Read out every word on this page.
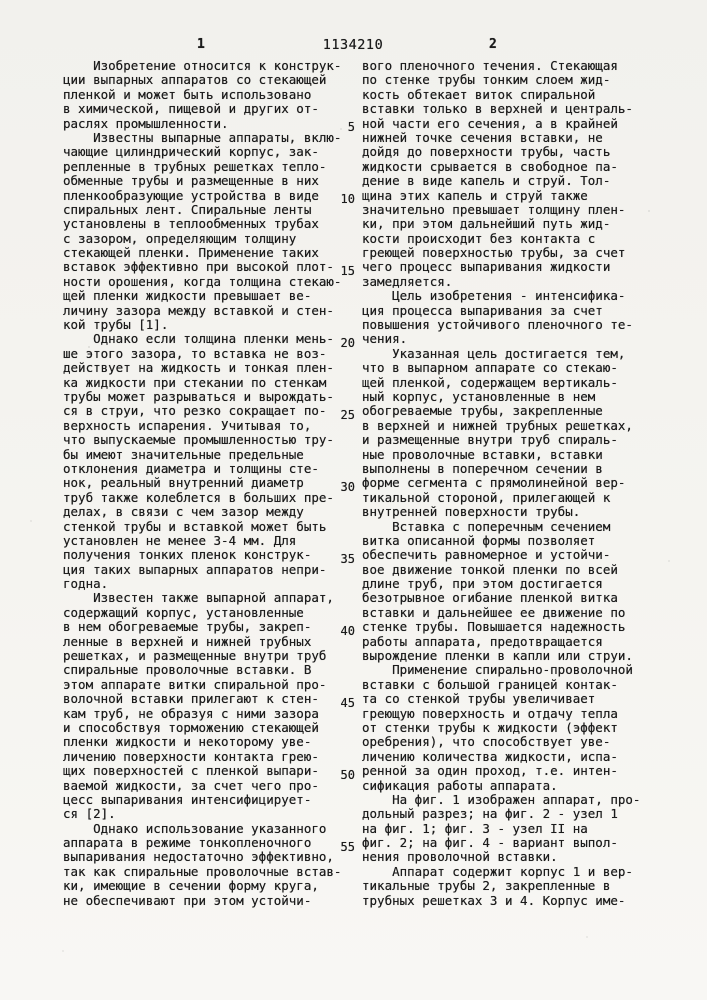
1	1134210	2
Изобретение относится к конструк-
ции выпарных аппаратов со стекающей
пленкой и может быть использовано
в химической, пищевой и других от-
раслях промышленности.
Известны выпарные аппараты, вклю-
чающие цилиндрический корпус, зак-
репленные в трубных решетках тепло-
обменные трубы и размещенные в них
пленкообразующие устройства в виде
спиральных лент. Спиральные ленты
установлены в теплообменных трубах
с зазором, определяющим толщину
стекающей пленки. Применение таких
вставок эффективно при высокой плот-
ности орошения, когда толщина стекаю-
щей пленки жидкости превышает ве-
личину зазора между вставкой и стен-
кой трубы [1].
Однако если толщина пленки мень-
ше этого зазора, то вставка не воз-
действует на жидкость и тонкая плен-
ка жидкости при стекании по стенкам
трубы может разрываться и вырождать-
ся в струи, что резко сокращает по-
верхность испарения. Учитывая то,
что выпускаемые промышленностью тру-
бы имеют значительные предельные
отклонения диаметра и толщины сте-
нок, реальный внутренний диаметр
труб также колеблется в больших пре-
делах, в связи с чем зазор между
стенкой трубы и вставкой может быть
установлен не менее 3-4 мм. Для
получения тонких пленок конструк-
ция таких выпарных аппаратов непри-
годна.
Известен также выпарной аппарат,
содержащий корпус, установленные
в нем обогреваемые трубы, закреп-
ленные в верхней и нижней трубных
решетках, и размещенные внутри труб
спиральные проволочные вставки. В
этом аппарате витки спиральной про-
волочной вставки прилегают к стен-
кам труб, не образуя с ними зазора
и способствуя торможению стекающей
пленки жидкости и некоторому уве-
личению поверхности контакта грею-
щих поверхностей с пленкой выпари-
ваемой жидкости, за счет чего про-
цесс выпаривания интенсифицирует-
ся [2].
Однако использование указанного
аппарата в режиме тонкопленочного
выпаривания недостаточно эффективно,
так как спиральные проволочные встав-
ки, имеющие в сечении форму круга,
не обеспечивают при этом устойчи-
вого пленочного течения. Стекающая
по стенке трубы тонким слоем жид-
кость обтекает виток спиральной
вставки только в верхней и централь-
ной части его сечения, а в крайней
нижней точке сечения вставки, не
дойдя до поверхности трубы, часть
жидкости срывается в свободное па-
дение в виде капель и струй. Тол-
щина этих капель и струй также
значительно превышает толщину плен-
ки, при этом дальнейший путь жид-
кости происходит без контакта с
греющей поверхностью трубы, за счет
чего процесс выпаривания жидкости
замедляется.
Цель изобретения - интенсифика-
ция процесса выпаривания за счет
повышения устойчивого пленочного те-
чения.
Указанная цель достигается тем,
что в выпарном аппарате со стекаю-
щей пленкой, содержащем вертикаль-
ный корпус, установленные в нем
обогреваемые трубы, закрепленные
в верхней и нижней трубных решетках,
и размещенные внутри труб спираль-
ные проволочные вставки, вставки
выполнены в поперечном сечении в
форме сегмента с прямолинейной вер-
тикальной стороной, прилегающей к
внутренней поверхности трубы.
Вставка с поперечным сечением
витка описанной формы позволяет
обеспечить равномерное и устойчи-
вое движение тонкой пленки по всей
длине труб, при этом достигается
безотрывное огибание пленкой витка
вставки и дальнейшее ее движение по
стенке трубы. Повышается надежность
работы аппарата, предотвращается
вырождение пленки в капли или струи.
Применение спирально-проволочной
вставки с большой границей контак-
та со стенкой трубы увеличивает
греющую поверхность и отдачу тепла
от стенки трубы к жидкости (эффект
оребрения), что способствует уве-
личению количества жидкости, испа-
ренной за один проход, т.е. интен-
сификация работы аппарата.
На фиг. 1 изображен аппарат, про-
дольный разрез; на фиг. 2 - узел 1
на фиг. 1; фиг. 3 - узел II на
фиг. 2; на фиг. 4 - вариант выпол-
нения проволочной вставки.
Аппарат содержит корпус 1 и вер-
тикальные трубы 2, закрепленные в
трубных решетках 3 и 4. Корпус име-
5
10
15
20
25
30
35
40
45
50
55
